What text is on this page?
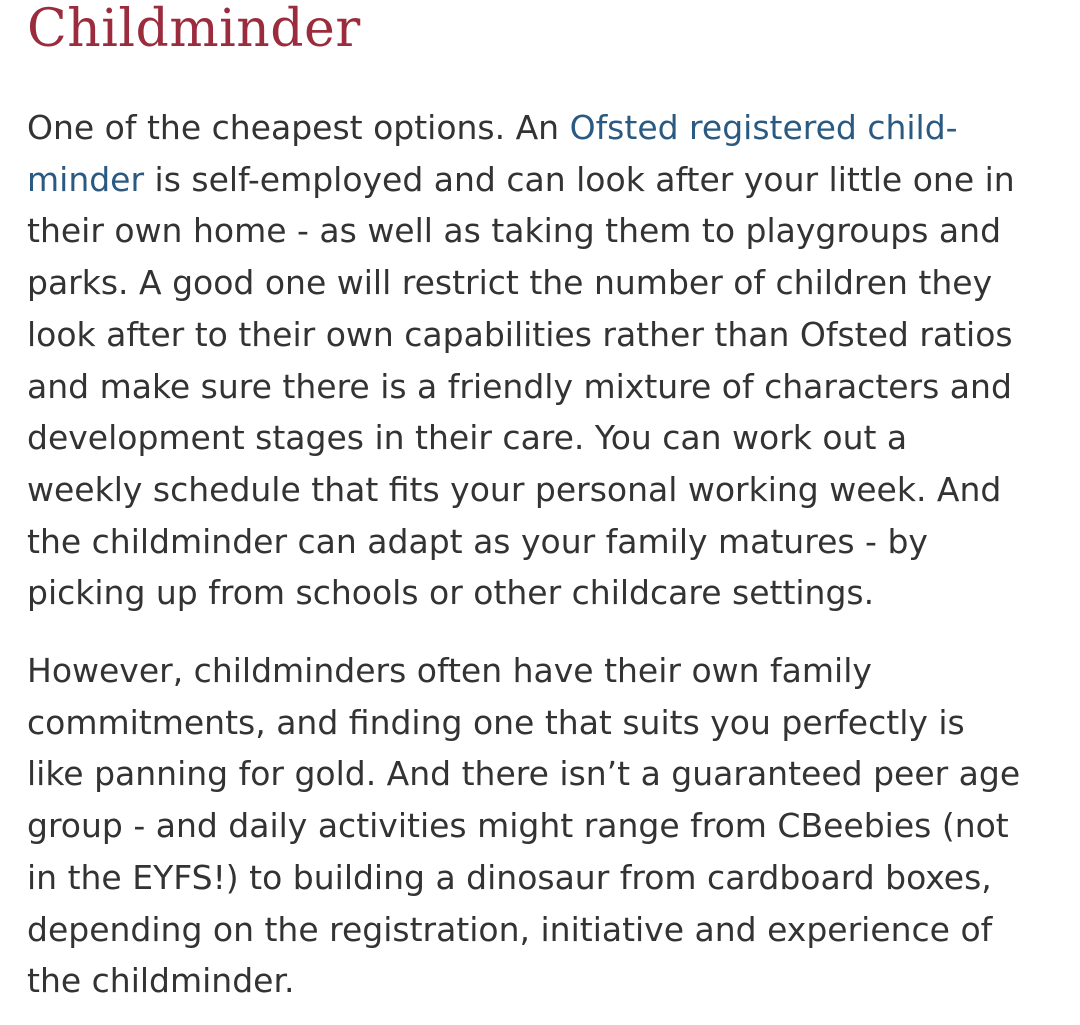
Childminder

One of the cheapest options. An Ofsted registered child-
minder is self-employed and can look after your little one in
their own home - as well as taking them to playgroups and
parks. A good one will restrict the number of children they
look after to their own capabilities rather than Ofsted ratios
and make sure there is a friendly mixture of characters and
development stages in their care. You can work out a
weekly schedule that fits your personal working week. And
the childminder can adapt as your family matures - by
picking up from schools or other childcare settings.

However, childminders often have their own family
commitments, and finding one that suits you perfectly is
like panning for gold. And there isn’t a guaranteed peer age
group - and daily activities might range from CBeebies (not
in the EYFS!) to building a dinosaur from cardboard boxes,
depending on the registration, initiative and experience of
the childminder.
